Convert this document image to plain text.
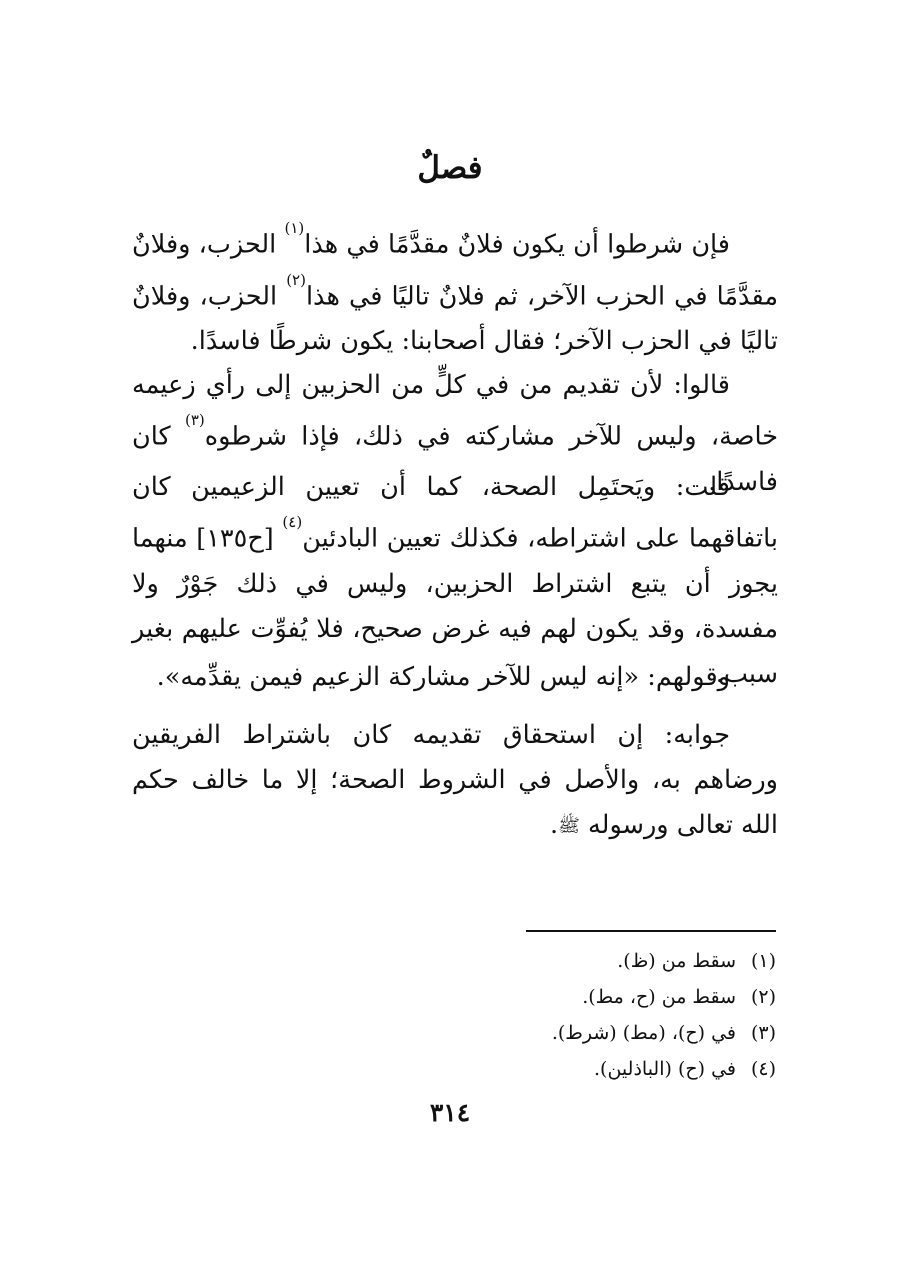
فصلٌ

فإن شرطوا أن يكون فلانٌ مقدَّمًا في هذا$^{(١)}$ الحزب، وفلانٌ مقدَّمًا في الحزب الآخر، ثم فلانٌ تاليًا في هذا$^{(٢)}$ الحزب، وفلانٌ تاليًا في الحزب الآخر؛ فقال أصحابنا: يكون شرطًا فاسدًا.

قالوا: لأن تقديم من في كلٍّ من الحزبين إلى رأي زعيمه خاصة، وليس للآخر مشاركته في ذلك، فإذا شرطوه$^{(٣)}$ كان فاسدًا.

قلت: ويَحتَمِل الصحة، كما أن تعيين الزعيمين كان باتفاقهما على اشتراطه، فكذلك تعيين البادئين$^{(٤)}$ [ح١٣٥] منهما يجوز أن يتبع اشتراط الحزبين، وليس في ذلك جَوْرٌ ولا مفسدة، وقد يكون لهم فيه غرض صحيح، فلا يُفوِّت عليهم بغير سبب.

وقولهم: «إنه ليس للآخر مشاركة الزعيم فيمن يقدِّمه».

جوابه: إن استحقاق تقديمه كان باشتراط الفريقين ورضاهم به، والأصل في الشروط الصحة؛ إلا ما خالف حكم الله تعالى ورسوله ﷺ.

(١)سقط من (ظ).
(٢)سقط من (ح، مط).
(٣)في (ح)، (مط) (شرط).
(٤)في (ح) (الباذلين).
٣١٤
